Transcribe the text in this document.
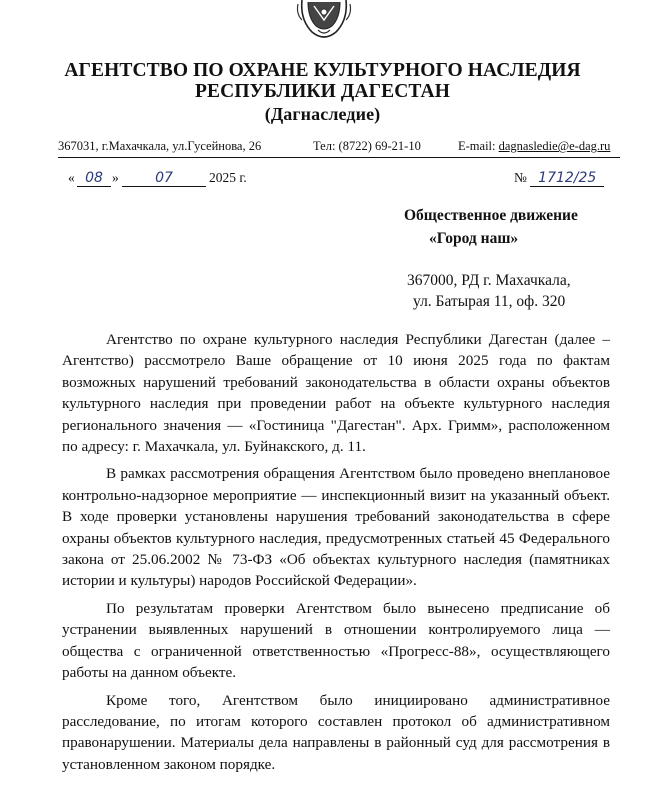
АГЕНТСТВО ПО ОХРАНЕ КУЛЬТУРНОГО НАСЛЕДИЯ
РЕСПУБЛИКИ ДАГЕСТАН
(Дагнаследие)
367031, г.Махачкала, ул.Гусейнова, 26	Тел: (8722) 69-21-10	E-mail: dagnasledie@e-dag.ru
« 08 »	07	2025 г.	№ 1712/25
Общественное движение
«Город наш»
367000, РД г. Махачкала,
ул. Батырая 11, оф. 320

Агентство по охране культурного наследия Республики Дагестан (далее – Агентство) рассмотрело Ваше обращение от 10 июня 2025 года по фактам возможных нарушений требований законодательства в области охраны объектов культурного наследия при проведении работ на объекте культурного наследия регионального значения — «Гостиница "Дагестан". Арх. Гримм», расположенном по адресу: г. Махачкала, ул. Буйнакского, д. 11.

В рамках рассмотрения обращения Агентством было проведено внеплановое контрольно-надзорное мероприятие — инспекционный визит на указанный объект. В ходе проверки установлены нарушения требований законодательства в сфере охраны объектов культурного наследия, предусмотренных статьей 45 Федерального закона от 25.06.2002 № 73-ФЗ «Об объектах культурного наследия (памятниках истории и культуры) народов Российской Федерации».

По результатам проверки Агентством было вынесено предписание об устранении выявленных нарушений в отношении контролируемого лица — общества с ограниченной ответственностью «Прогресс-88», осуществляющего работы на данном объекте.

Кроме того, Агентством было инициировано административное расследование, по итогам которого составлен протокол об административном правонарушении. Материалы дела направлены в районный суд для рассмотрения в установленном законом порядке.
